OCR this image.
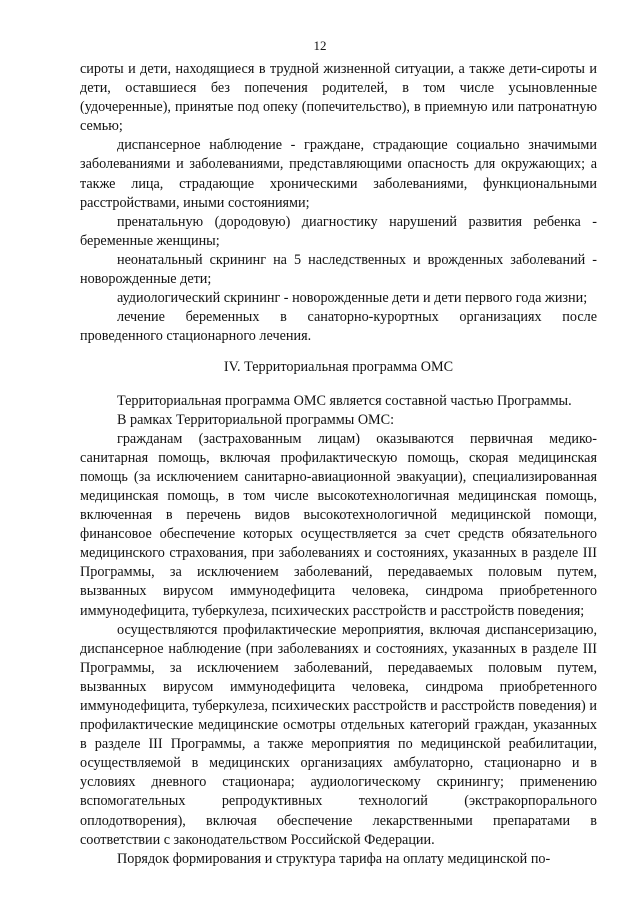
12

сироты и дети, находящиеся в трудной жизненной ситуации, а также дети-сироты и дети, оставшиеся без попечения родителей, в том числе усыновленные (удочеренные), принятые под опеку (попечительство), в приемную или патронатную семью;

диспансерное наблюдение - граждане, страдающие социально значимыми заболеваниями и заболеваниями, представляющими опасность для окружающих; а также лица, страдающие хроническими заболеваниями, функциональными расстройствами, иными состояниями;

пренатальную (дородовую) диагностику нарушений развития ребенка - беременные женщины;

неонатальный скрининг на 5 наследственных и врожденных заболеваний - новорожденные дети;

аудиологический скрининг - новорожденные дети и дети первого года жизни;

лечение беременных в санаторно-курортных организациях после проведенного стационарного лечения.

IV. Территориальная программа ОМС

Территориальная программа ОМС является составной частью Программы.

В рамках Территориальной программы ОМС:

гражданам (застрахованным лицам) оказываются первичная медико-санитарная помощь, включая профилактическую помощь, скорая медицинская помощь (за исключением санитарно-авиационной эвакуации), специализированная медицинская помощь, в том числе высокотехнологичная медицинская помощь, включенная в перечень видов высокотехнологичной медицинской помощи, финансовое обеспечение которых осуществляется за счет средств обязательного медицинского страхования, при заболеваниях и состояниях, указанных в разделе III Программы, за исключением заболеваний, передаваемых половым путем, вызванных вирусом иммунодефицита человека, синдрома приобретенного иммунодефицита, туберкулеза, психических расстройств и расстройств поведения;

осуществляются профилактические мероприятия, включая диспансеризацию, диспансерное наблюдение (при заболеваниях и состояниях, указанных в разделе III Программы, за исключением заболеваний, передаваемых половым путем, вызванных вирусом иммунодефицита человека, синдрома приобретенного иммунодефицита, туберкулеза, психических расстройств и расстройств поведения) и профилактические медицинские осмотры отдельных категорий граждан, указанных в разделе III Программы, а также мероприятия по медицинской реабилитации, осуществляемой в медицинских организациях амбулаторно, стационарно и в условиях дневного стационара; аудиологическому скринингу; применению вспомогательных репродуктивных технологий (экстракорпорального оплодотворения), включая обеспечение лекарственными препаратами в соответствии с законодательством Российской Федерации.

Порядок формирования и структура тарифа на оплату медицинской по-
